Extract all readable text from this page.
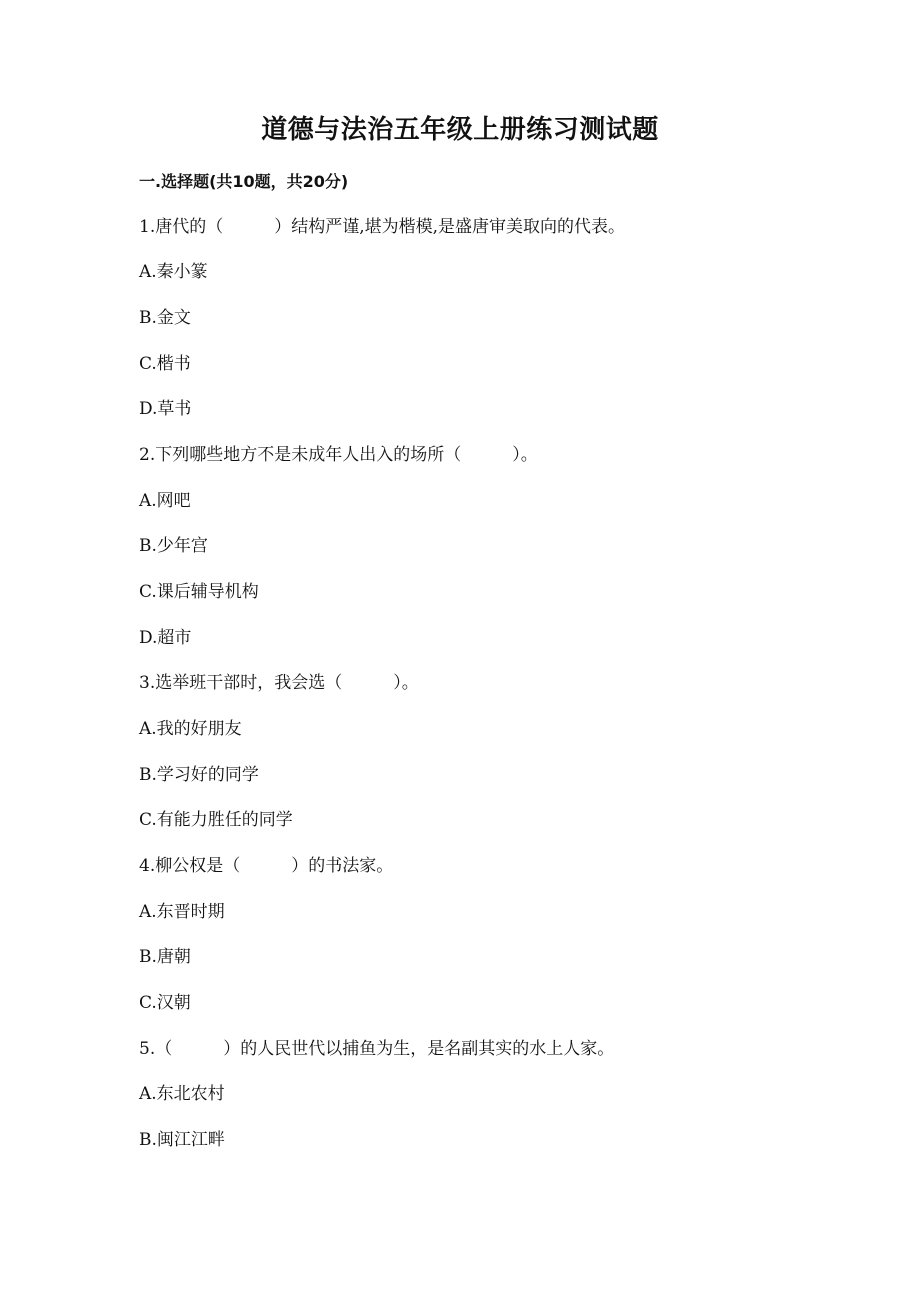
道德与法治五年级上册练习测试题
一.选择题(共10题，共20分)
1.唐代的（　　　）结构严谨,堪为楷模,是盛唐审美取向的代表。
A.秦小篆
B.金文
C.楷书
D.草书
2.下列哪些地方不是未成年人出入的场所（　　　）。
A.网吧
B.少年宫
C.课后辅导机构
D.超市
3.选举班干部时，我会选（　　　）。
A.我的好朋友
B.学习好的同学
C.有能力胜任的同学
4.柳公权是（　　　）的书法家。
A.东晋时期
B.唐朝
C.汉朝
5.（　　　）的人民世代以捕鱼为生，是名副其实的水上人家。
A.东北农村
B.闽江江畔
